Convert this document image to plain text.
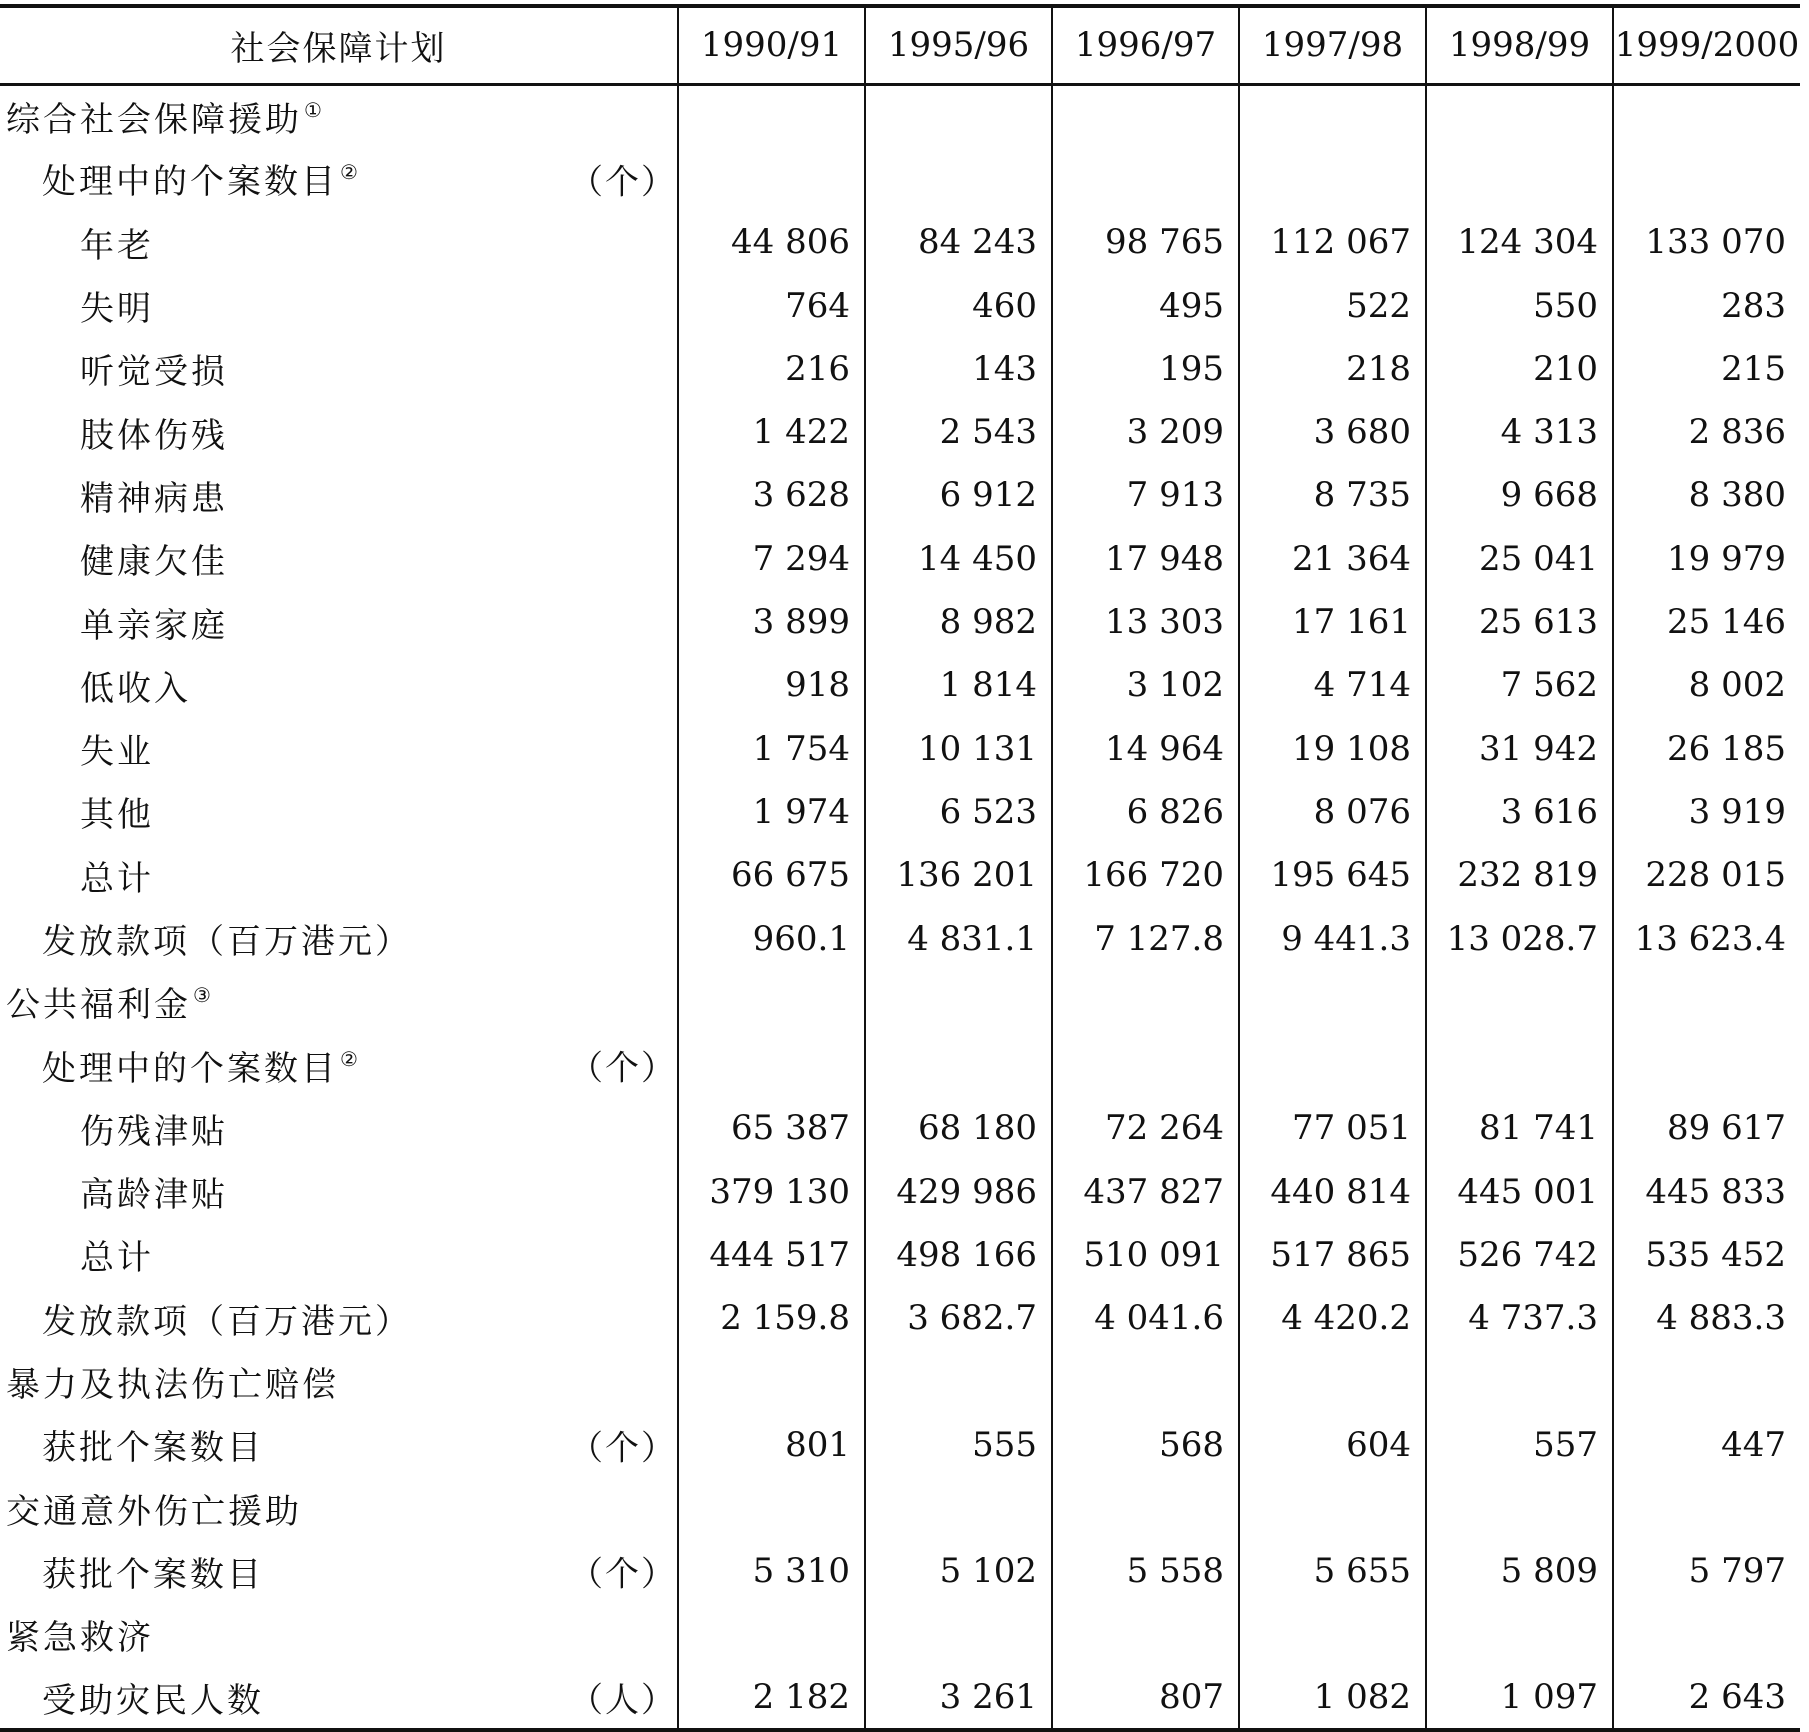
社会保障计划	1990/91	1995/96	1996/97	1997/98	1998/99	1999/2000
综合社会保障援助 ①						
处理中的个案数目 ② （个）						

年老	44 806	84 243	98 765	112 067	124 304	133 070
失明	764	460	495	522	550	283
听觉受损	216	143	195	218	210	215
肢体伤残	1 422	2 543	3 209	3 680	4 313	2 836
精神病患	3 628	6 912	7 913	8 735	9 668	8 380
健康欠佳	7 294	14 450	17 948	21 364	25 041	19 979
单亲家庭	3 899	8 982	13 303	17 161	25 613	25 146
低收入	918	1 814	3 102	4 714	7 562	8 002
失业	1 754	10 131	14 964	19 108	31 942	26 185
其他	1 974	6 523	6 826	8 076	3 616	3 919
总计	66 675	136 201	166 720	195 645	232 819	228 015
发放款项（百万港元）	960.1	4 831.1	7 127.8	9 441.3	13 028.7	13 623.4
公共福利金 ③						
处理中的个案数目 ② （个）						

伤残津贴	65 387	68 180	72 264	77 051	81 741	89 617
高龄津贴	379 130	429 986	437 827	440 814	445 001	445 833
总计	444 517	498 166	510 091	517 865	526 742	535 452
发放款项（百万港元）	2 159.8	3 682.7	4 041.6	4 420.2	4 737.3	4 883.3
暴力及执法伤亡赔偿						
获批个案数目 （个）	801	555	568	604	557	447
交通意外伤亡援助						
获批个案数目 （个）	5 310	5 102	5 558	5 655	5 809	5 797
紧急救济						
受助灾民人数 （人）	2 182	3 261	807	1 082	1 097	2 643
